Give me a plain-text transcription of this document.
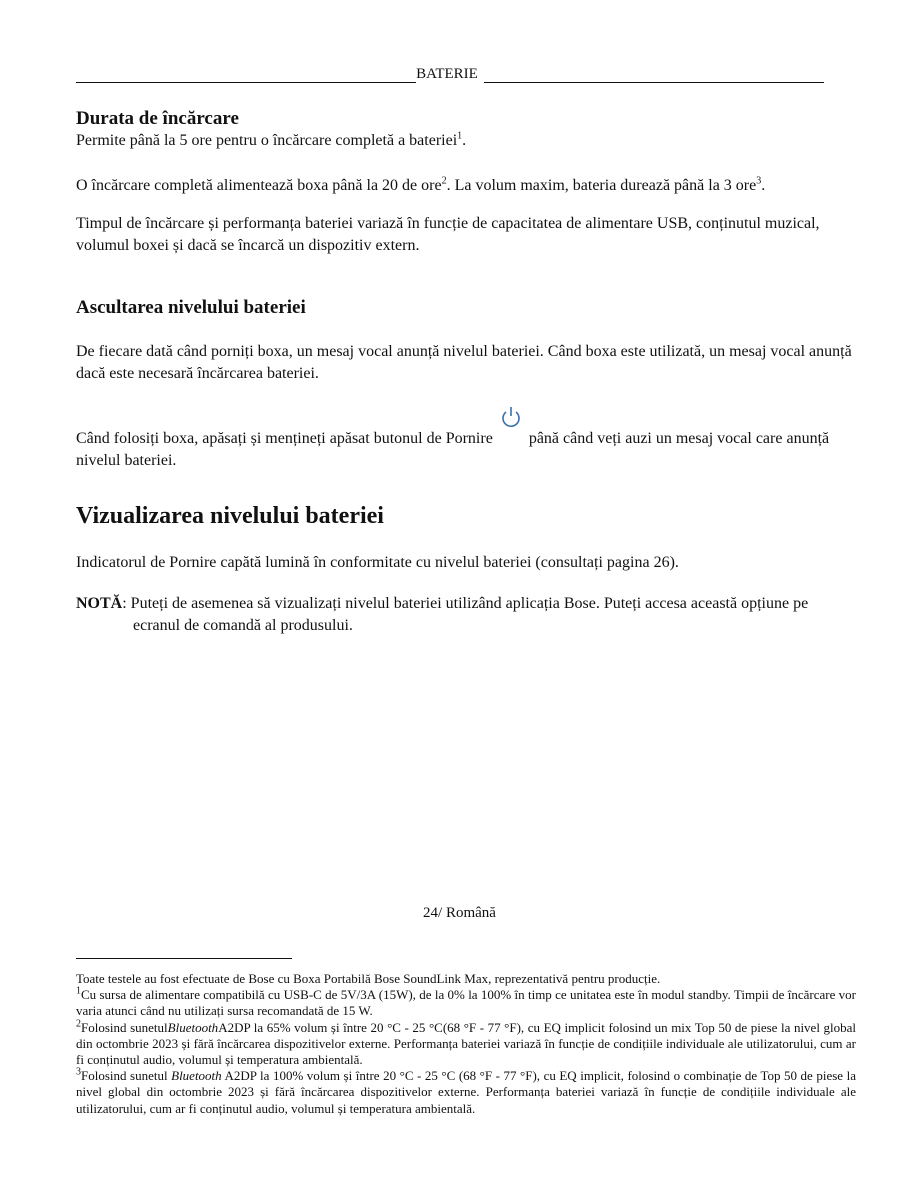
BATERIE
Durata de încărcare
Permite până la 5 ore pentru o încărcare completă a bateriei$^1$.
O încărcare completă alimentează boxa până la 20 de ore$^2$. La volum maxim, bateria durează până la 3 ore$^3$.
Timpul de încărcare și performanța bateriei variază în funcție de capacitatea de alimentare USB, conținutul muzical, volumul boxei și dacă se încarcă un dispozitiv extern.
Ascultarea nivelului bateriei
De fiecare dată când porniți boxa, un mesaj vocal anunță nivelul bateriei. Când boxa este utilizată, un mesaj vocal anunță dacă este necesară încărcarea bateriei.
Când folosiți boxa, apăsați și mențineți apăsat butonul de Pornire până când veți auzi un mesaj vocal care anunță nivelul bateriei.
Vizualizarea nivelului bateriei
Indicatorul de Pornire capătă lumină în conformitate cu nivelul bateriei (consultați pagina 26).
NOTĂ: Puteți de asemenea să vizualizați nivelul bateriei utilizând aplicația Bose. Puteți accesa această opțiune pe ecranul de comandă al produsului.
24/ Română
Toate testele au fost efectuate de Bose cu Boxa Portabilă Bose SoundLink Max, reprezentativă pentru producție.
$^1$Cu sursa de alimentare compatibilă cu USB-C de 5V/3A (15W), de la 0% la 100% în timp ce unitatea este în modul standby. Timpii de încărcare vor varia atunci când nu utilizați sursa recomandată de 15 W.
$^2$Folosind sunetulBluetoothA2DP la 65% volum și între 20 °C - 25 °C(68 °F - 77 °F), cu EQ implicit folosind un mix Top 50 de piese la nivel global din octombrie 2023 și fără încărcarea dispozitivelor externe. Performanța bateriei variază în funcție de condițiile individuale ale utilizatorului, cum ar fi conținutul audio, volumul și temperatura ambientală.
$^3$Folosind sunetul Bluetooth A2DP la 100% volum și între 20 °C - 25 °C (68 °F - 77 °F), cu EQ implicit, folosind o combinație de Top 50 de piese la nivel global din octombrie 2023 și fără încărcarea dispozitivelor externe. Performanța bateriei variază în funcție de condițiile individuale ale utilizatorului, cum ar fi conținutul audio, volumul și temperatura ambientală.
